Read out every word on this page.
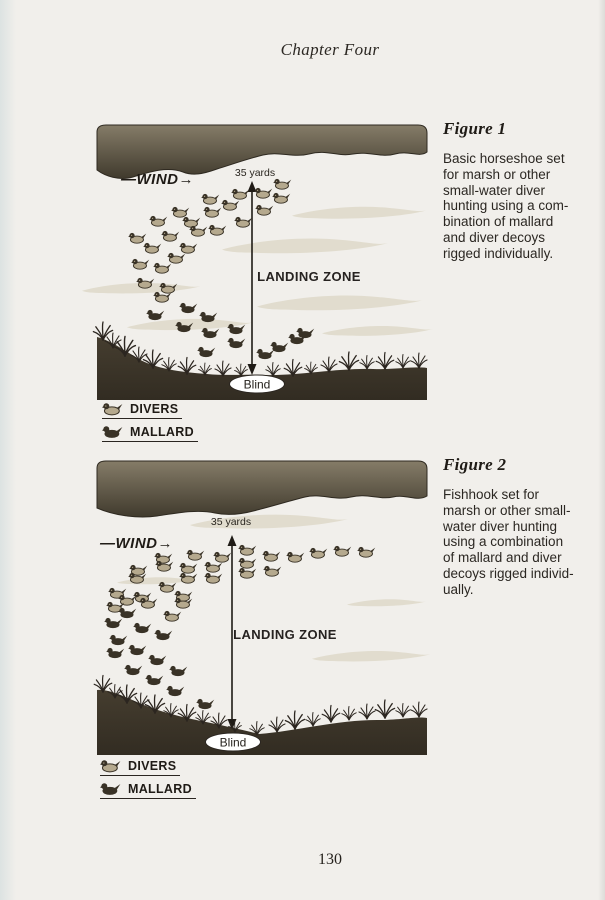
Chapter Four
—WIND→	35 yards
LANDING ZONE
Blind
DIVERS
MALLARD
Figure 1
Basic horseshoe set
for marsh or other
small-water diver
hunting using a com-
bination of mallard
and diver decoys
rigged individually.
—WIND→
35 yards
LANDING ZONE
Blind
DIVERS
MALLARD
Figure 2
Fishhook set for
marsh or other small-
water diver hunting
using a combination
of mallard and diver
decoys rigged individ-
ually.
130
